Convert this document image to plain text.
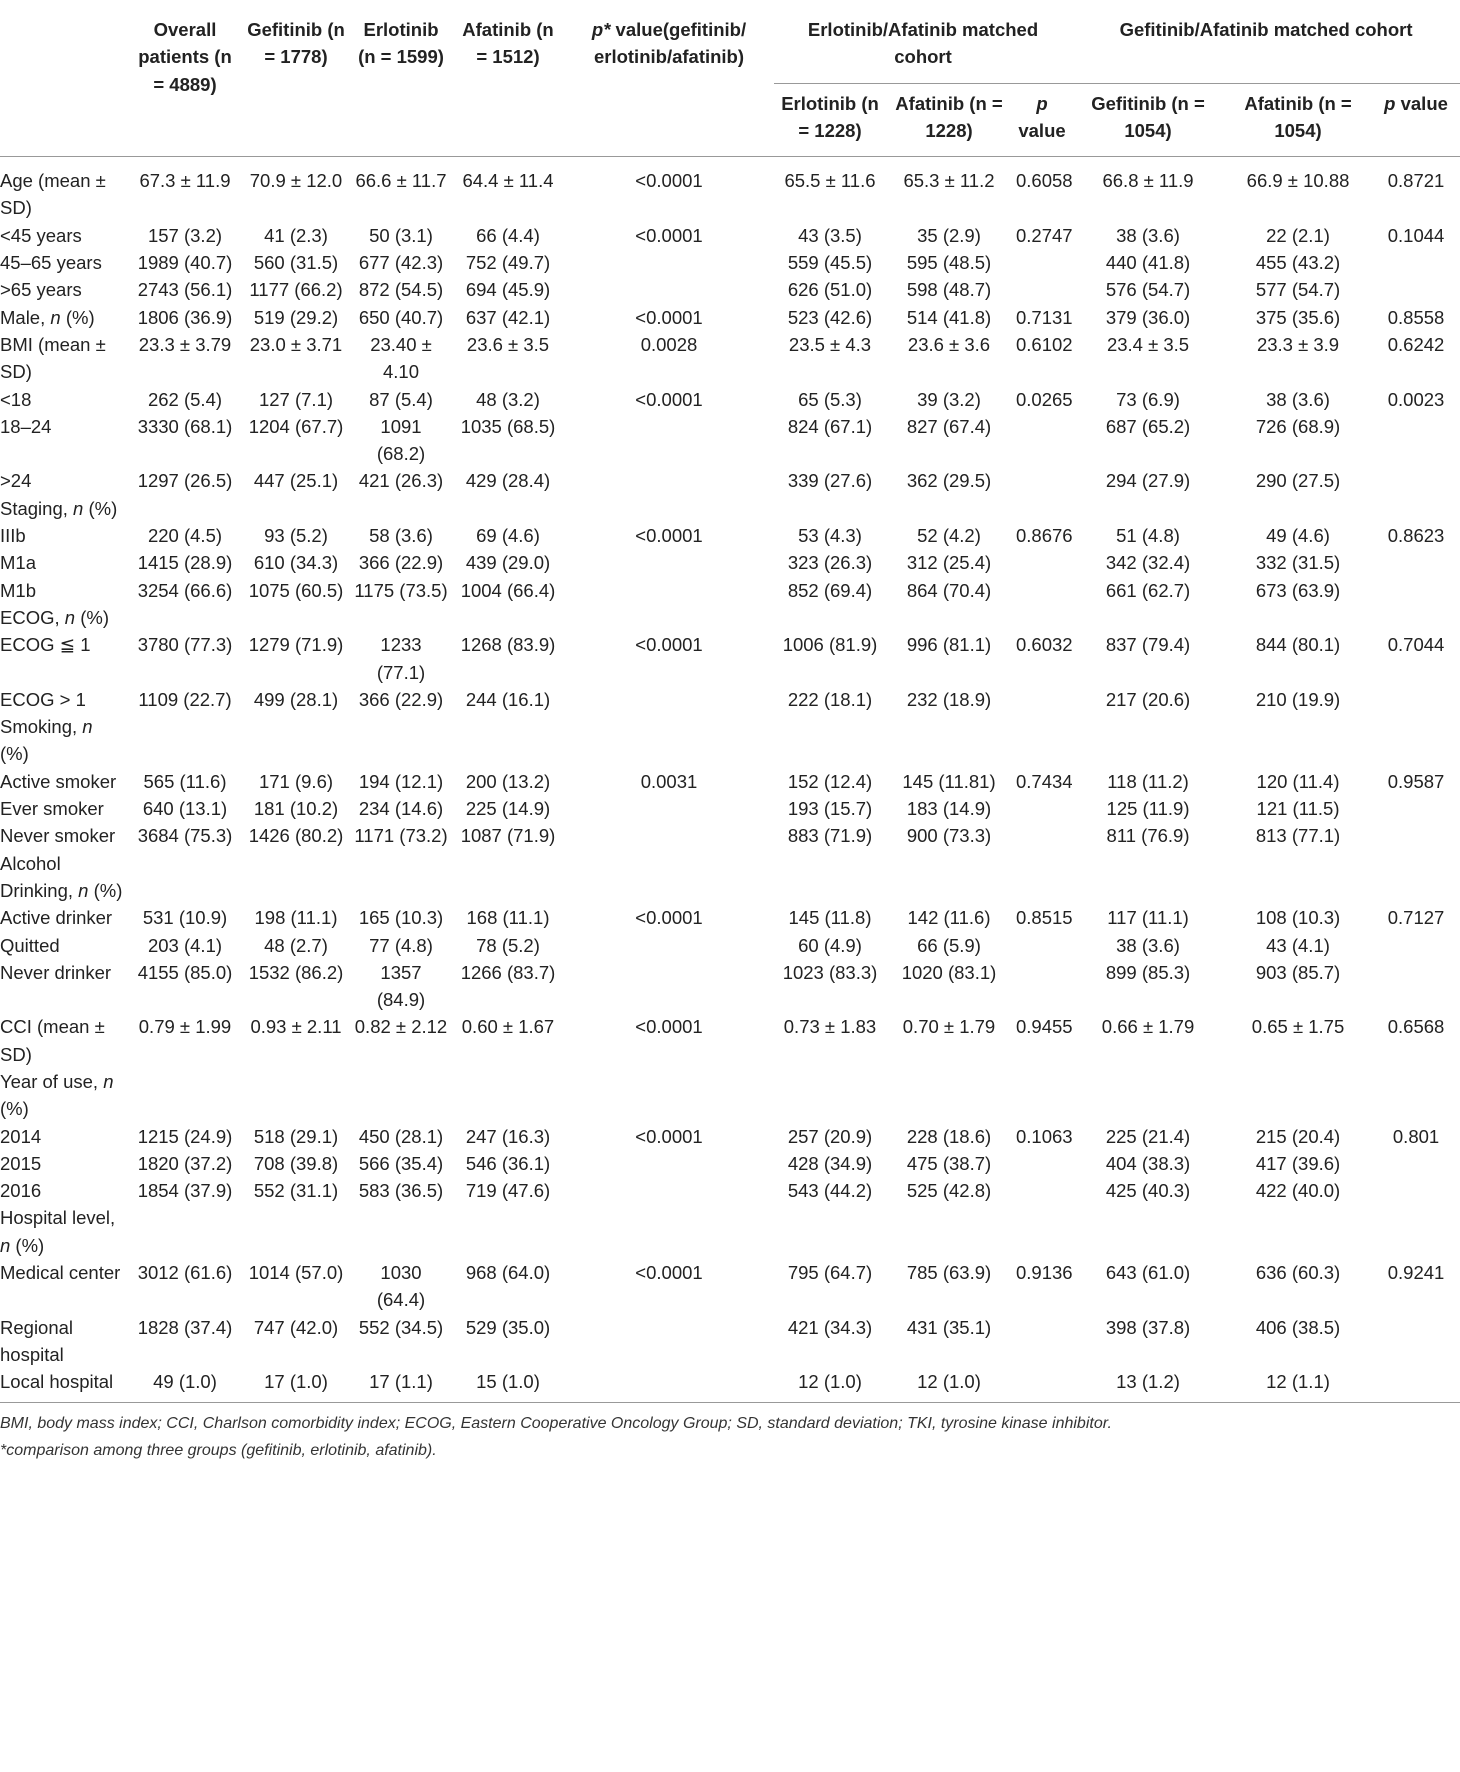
	Overall patients (n = 4889)	Gefitinib (n = 1778)	Erlotinib (n = 1599)	Afatinib (n = 1512)	p* value(gefitinib/ erlotinib/afatinib)	Erlotinib/Afatinib matched cohort			Gefitinib/Afatinib matched cohort		
						Erlotinib (n = 1228)	Afatinib (n = 1228)	p value	Gefitinib (n = 1054)	Afatinib (n = 1054)	p value
Age (mean ± SD)	67.3 ± 11.9	70.9 ± 12.0	66.6 ± 11.7	64.4 ± 11.4	<0.0001	65.5 ± 11.6	65.3 ± 11.2	0.6058	66.8 ± 11.9	66.9 ± 10.88	0.8721
<45 years	157 (3.2)	41 (2.3)	50 (3.1)	66 (4.4)	<0.0001	43 (3.5)	35 (2.9)	0.2747	38 (3.6)	22 (2.1)	0.1044
45–65 years	1989 (40.7)	560 (31.5)	677 (42.3)	752 (49.7)		559 (45.5)	595 (48.5)		440 (41.8)	455 (43.2)	
>65 years	2743 (56.1)	1177 (66.2)	872 (54.5)	694 (45.9)		626 (51.0)	598 (48.7)		576 (54.7)	577 (54.7)	
Male, n (%)	1806 (36.9)	519 (29.2)	650 (40.7)	637 (42.1)	<0.0001	523 (42.6)	514 (41.8)	0.7131	379 (36.0)	375 (35.6)	0.8558
BMI (mean ± SD)	23.3 ± 3.79	23.0 ± 3.71	23.40 ± 4.10	23.6 ± 3.5	0.0028	23.5 ± 4.3	23.6 ± 3.6	0.6102	23.4 ± 3.5	23.3 ± 3.9	0.6242
<18	262 (5.4)	127 (7.1)	87 (5.4)	48 (3.2)	<0.0001	65 (5.3)	39 (3.2)	0.0265	73 (6.9)	38 (3.6)	0.0023
18–24	3330 (68.1)	1204 (67.7)	1091 (68.2)	1035 (68.5)		824 (67.1)	827 (67.4)		687 (65.2)	726 (68.9)	
>24	1297 (26.5)	447 (25.1)	421 (26.3)	429 (28.4)		339 (27.6)	362 (29.5)		294 (27.9)	290 (27.5)	
Staging, n (%)											
IIIb	220 (4.5)	93 (5.2)	58 (3.6)	69 (4.6)	<0.0001	53 (4.3)	52 (4.2)	0.8676	51 (4.8)	49 (4.6)	0.8623
M1a	1415 (28.9)	610 (34.3)	366 (22.9)	439 (29.0)		323 (26.3)	312 (25.4)		342 (32.4)	332 (31.5)	
M1b	3254 (66.6)	1075 (60.5)	1175 (73.5)	1004 (66.4)		852 (69.4)	864 (70.4)		661 (62.7)	673 (63.9)	
ECOG, n (%)											
ECOG ≦ 1	3780 (77.3)	1279 (71.9)	1233 (77.1)	1268 (83.9)	<0.0001	1006 (81.9)	996 (81.1)	0.6032	837 (79.4)	844 (80.1)	0.7044
ECOG > 1	1109 (22.7)	499 (28.1)	366 (22.9)	244 (16.1)		222 (18.1)	232 (18.9)		217 (20.6)	210 (19.9)	
Smoking, n (%)											
Active smoker	565 (11.6)	171 (9.6)	194 (12.1)	200 (13.2)	0.0031	152 (12.4)	145 (11.81)	0.7434	118 (11.2)	120 (11.4)	0.9587
Ever smoker	640 (13.1)	181 (10.2)	234 (14.6)	225 (14.9)		193 (15.7)	183 (14.9)		125 (11.9)	121 (11.5)	
Never smoker	3684 (75.3)	1426 (80.2)	1171 (73.2)	1087 (71.9)		883 (71.9)	900 (73.3)		811 (76.9)	813 (77.1)	
Alcohol Drinking, n (%)											
Active drinker	531 (10.9)	198 (11.1)	165 (10.3)	168 (11.1)	<0.0001	145 (11.8)	142 (11.6)	0.8515	117 (11.1)	108 (10.3)	0.7127
Quitted	203 (4.1)	48 (2.7)	77 (4.8)	78 (5.2)		60 (4.9)	66 (5.9)		38 (3.6)	43 (4.1)	
Never drinker	4155 (85.0)	1532 (86.2)	1357 (84.9)	1266 (83.7)		1023 (83.3)	1020 (83.1)		899 (85.3)	903 (85.7)	
CCI (mean ± SD)	0.79 ± 1.99	0.93 ± 2.11	0.82 ± 2.12	0.60 ± 1.67	<0.0001	0.73 ± 1.83	0.70 ± 1.79	0.9455	0.66 ± 1.79	0.65 ± 1.75	0.6568
Year of use, n (%)											
2014	1215 (24.9)	518 (29.1)	450 (28.1)	247 (16.3)	<0.0001	257 (20.9)	228 (18.6)	0.1063	225 (21.4)	215 (20.4)	0.801
2015	1820 (37.2)	708 (39.8)	566 (35.4)	546 (36.1)		428 (34.9)	475 (38.7)		404 (38.3)	417 (39.6)	
2016	1854 (37.9)	552 (31.1)	583 (36.5)	719 (47.6)		543 (44.2)	525 (42.8)		425 (40.3)	422 (40.0)	
Hospital level, n (%)											
Medical center	3012 (61.6)	1014 (57.0)	1030 (64.4)	968 (64.0)	<0.0001	795 (64.7)	785 (63.9)	0.9136	643 (61.0)	636 (60.3)	0.9241
Regional hospital	1828 (37.4)	747 (42.0)	552 (34.5)	529 (35.0)		421 (34.3)	431 (35.1)		398 (37.8)	406 (38.5)	
Local hospital	49 (1.0)	17 (1.0)	17 (1.1)	15 (1.0)		12 (1.0)	12 (1.0)		13 (1.2)	12 (1.1)	
BMI, body mass index; CCI, Charlson comorbidity index; ECOG, Eastern Cooperative Oncology Group; SD, standard deviation; TKI, tyrosine kinase inhibitor.
*comparison among three groups (gefitinib, erlotinib, afatinib).
